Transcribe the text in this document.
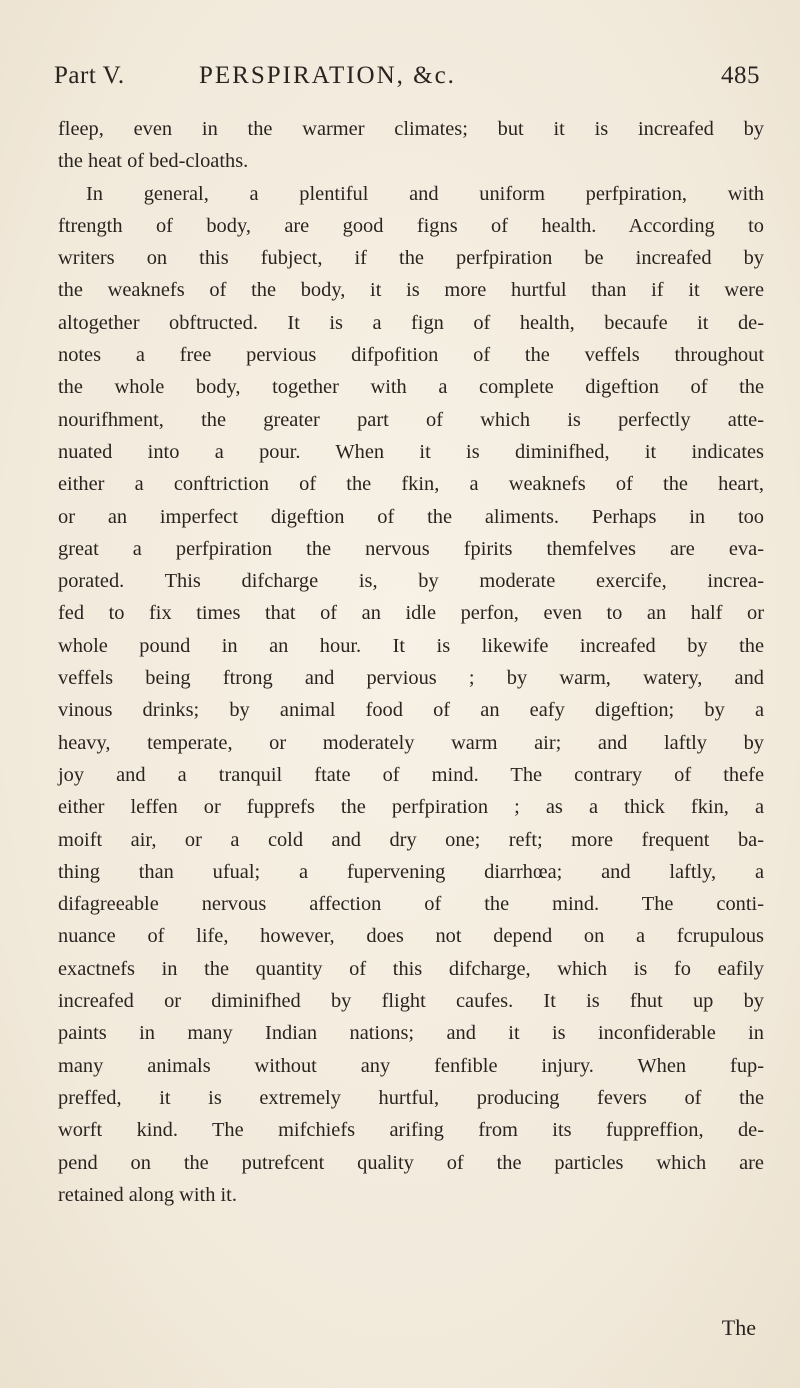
Part V.	PERSPIRATION, &c.	485
fleep, even in the warmer climates; but it is increafed by
the heat of bed-cloaths.
In general, a plentiful and uniform perfpiration, with
ftrength of body, are good figns of health. According to
writers on this fubject, if the perfpiration be increafed by
the weaknefs of the body, it is more hurtful than if it were
altogether obftructed. It is a fign of health, becaufe it de-
notes a free pervious difpofition of the veffels throughout
the whole body, together with a complete digeftion of the
nourifhment, the greater part of which is perfectly atte-
nuated into a pour. When it is diminifhed, it indicates
either a conftriction of the fkin, a weaknefs of the heart,
or an imperfect digeftion of the aliments. Perhaps in too
great a perfpiration the nervous fpirits themfelves are eva-
porated. This difcharge is, by moderate exercife, increa-
fed to fix times that of an idle perfon, even to an half or
whole pound in an hour. It is likewife increafed by the
veffels being ftrong and pervious ; by warm, watery, and
vinous drinks; by animal food of an eafy digeftion; by a
heavy, temperate, or moderately warm air; and laftly by
joy and a tranquil ftate of mind. The contrary of thefe
either leffen or fupprefs the perfpiration ; as a thick fkin, a
moift air, or a cold and dry one; reft; more frequent ba-
thing than ufual; a fupervening diarrhœa; and laftly, a
difagreeable nervous affection of the mind. The conti-
nuance of life, however, does not depend on a fcrupulous
exactnefs in the quantity of this difcharge, which is fo eafily
increafed or diminifhed by flight caufes. It is fhut up by
paints in many Indian nations; and it is inconfiderable in
many animals without any fenfible injury. When fup-
preffed, it is extremely hurtful, producing fevers of the
worft kind. The mifchiefs arifing from its fuppreffion, de-
pend on the putrefcent quality of the particles which are
retained along with it.
The
